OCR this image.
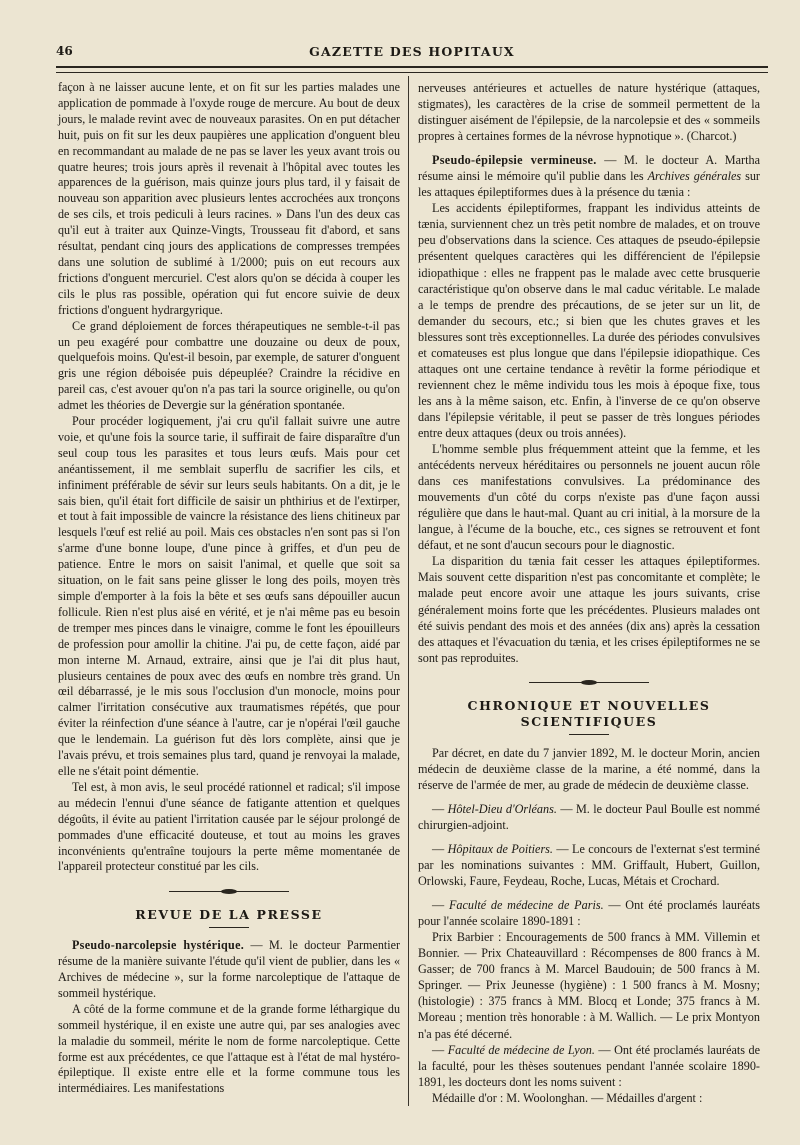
46	GAZETTE DES HOPITAUX

façon à ne laisser aucune lente, et on fit sur les parties malades une application de pommade à l'oxyde rouge de mercure. Au bout de deux jours, le malade revint avec de nouveaux parasites. On en put détacher huit, puis on fit sur les deux paupières une application d'onguent bleu en recommandant au malade de ne pas se laver les yeux avant trois ou quatre heures; trois jours après il revenait à l'hôpital avec toutes les apparences de la guérison, mais quinze jours plus tard, il y faisait de nouveau son apparition avec plusieurs lentes accrochées aux tronçons de ses cils, et trois pediculi à leurs racines. » Dans l'un des deux cas qu'il eut à traiter aux Quinze-Vingts, Trousseau fit d'abord, et sans résultat, pendant cinq jours des applications de compresses trempées dans une solution de sublimé à 1/2000; puis on eut recours aux frictions d'onguent mercuriel. C'est alors qu'on se décida à couper les cils le plus ras possible, opération qui fut encore suivie de deux frictions d'onguent hydrargyrique.

Ce grand déploiement de forces thérapeutiques ne semble-t-il pas un peu exagéré pour combattre une douzaine ou deux de poux, quelquefois moins. Qu'est-il besoin, par exemple, de saturer d'onguent gris une région déboisée puis dépeuplée? Craindre la récidive en pareil cas, c'est avouer qu'on n'a pas tari la source originelle, ou qu'on admet les théories de Devergie sur la génération spontanée.

Pour procéder logiquement, j'ai cru qu'il fallait suivre une autre voie, et qu'une fois la source tarie, il suffirait de faire disparaître d'un seul coup tous les parasites et tous leurs œufs. Mais pour cet anéantissement, il me semblait superflu de sacrifier les cils, et infiniment préférable de sévir sur leurs seuls habitants. On a dit, je le sais bien, qu'il était fort difficile de saisir un phthirius et de l'extirper, et tout à fait impossible de vaincre la résistance des liens chitineux par lesquels l'œuf est relié au poil. Mais ces obstacles n'en sont pas si l'on s'arme d'une bonne loupe, d'une pince à griffes, et d'un peu de patience. Entre le mors on saisit l'animal, et quelle que soit sa situation, on le fait sans peine glisser le long des poils, moyen très simple d'emporter à la fois la bête et ses œufs sans dépouiller aucun follicule. Rien n'est plus aisé en vérité, et je n'ai même pas eu besoin de tremper mes pinces dans le vinaigre, comme le font les épouilleurs de profession pour amollir la chitine. J'ai pu, de cette façon, aidé par mon interne M. Arnaud, extraire, ainsi que je l'ai dit plus haut, plusieurs centaines de poux avec des œufs en nombre très grand. Un œil débarrassé, je le mis sous l'occlusion d'un monocle, moins pour calmer l'irritation consécutive aux traumatismes répétés, que pour éviter la réinfection d'une séance à l'autre, car je n'opérai l'œil gauche que le lendemain. La guérison fut dès lors complète, ainsi que je l'avais prévu, et trois semaines plus tard, quand je renvoyai la malade, elle ne s'était point démentie.

Tel est, à mon avis, le seul procédé rationnel et radical; s'il impose au médecin l'ennui d'une séance de fatigante attention et quelques dégoûts, il évite au patient l'irritation causée par le séjour prolongé de pommades d'une efficacité douteuse, et tout au moins les graves inconvénients qu'entraîne toujours la perte même momentanée de l'appareil protecteur constitué par les cils.

REVUE DE LA PRESSE

Pseudo-narcolepsie hystérique. — M. le docteur Parmentier résume de la manière suivante l'étude qu'il vient de publier, dans les « Archives de médecine », sur la forme narcoleptique de l'attaque de sommeil hystérique.

A côté de la forme commune et de la grande forme léthargique du sommeil hystérique, il en existe une autre qui, par ses analogies avec la maladie du sommeil, mérite le nom de forme narcoleptique. Cette forme est aux précédentes, ce que l'attaque est à l'état de mal hystéro-épileptique. Il existe entre elle et la forme commune tous les intermédiaires. Les manifestations

nerveuses antérieures et actuelles de nature hystérique (attaques, stigmates), les caractères de la crise de sommeil permettent de la distinguer aisément de l'épilepsie, de la narcolepsie et des « sommeils propres à certaines formes de la névrose hypnotique ». (Charcot.)

Pseudo-épilepsie vermineuse. — M. le docteur A. Martha résume ainsi le mémoire qu'il publie dans les Archives générales sur les attaques épileptiformes dues à la présence du tænia :

Les accidents épileptiformes, frappant les individus atteints de tænia, surviennent chez un très petit nombre de malades, et on trouve peu d'observations dans la science. Ces attaques de pseudo-épilepsie présentent quelques caractères qui les différencient de l'épilepsie idiopathique : elles ne frappent pas le malade avec cette brusquerie caractéristique qu'on observe dans le mal caduc véritable. Le malade a le temps de prendre des précautions, de se jeter sur un lit, de demander du secours, etc.; si bien que les chutes graves et les blessures sont très exceptionnelles. La durée des périodes convulsives et comateuses est plus longue que dans l'épilepsie idiopathique. Ces attaques ont une certaine tendance à revêtir la forme périodique et reviennent chez le même individu tous les mois à époque fixe, tous les ans à la même saison, etc. Enfin, à l'inverse de ce qu'on observe dans l'épilepsie véritable, il peut se passer de très longues périodes entre deux attaques (deux ou trois années).

L'homme semble plus fréquemment atteint que la femme, et les antécédents nerveux héréditaires ou personnels ne jouent aucun rôle dans ces manifestations convulsives. La prédominance des mouvements d'un côté du corps n'existe pas d'une façon aussi régulière que dans le haut-mal. Quant au cri initial, à la morsure de la langue, à l'écume de la bouche, etc., ces signes se retrouvent et font défaut, et ne sont d'aucun secours pour le diagnostic.

La disparition du tænia fait cesser les attaques épileptiformes. Mais souvent cette disparition n'est pas concomitante et complète; le malade peut encore avoir une attaque les jours suivants, crise généralement moins forte que les précédentes. Plusieurs malades ont été suivis pendant des mois et des années (dix ans) après la cessation des attaques et l'évacuation du tænia, et les crises épileptiformes ne se sont pas reproduites.

CHRONIQUE ET NOUVELLES SCIENTIFIQUES

Par décret, en date du 7 janvier 1892, M. le docteur Morin, ancien médecin de deuxième classe de la marine, a été nommé, dans la réserve de l'armée de mer, au grade de médecin de deuxième classe.

— Hôtel-Dieu d'Orléans. — M. le docteur Paul Boulle est nommé chirurgien-adjoint.

— Hôpitaux de Poitiers. — Le concours de l'externat s'est terminé par les nominations suivantes : MM. Griffault, Hubert, Guillon, Orlowski, Faure, Feydeau, Roche, Lucas, Métais et Crochard.

— Faculté de médecine de Paris. — Ont été proclamés lauréats pour l'année scolaire 1890-1891 :

Prix Barbier : Encouragements de 500 francs à MM. Villemin et Bonnier. — Prix Chateauvillard : Récompenses de 800 francs à M. Gasser; de 700 francs à M. Marcel Baudouin; de 500 francs à M. Springer. — Prix Jeunesse (hygiène) : 1 500 francs à M. Mosny; (histologie) : 375 francs à MM. Blocq et Londe; 375 francs à M. Moreau ; mention très honorable : à M. Wallich. — Le prix Montyon n'a pas été décerné.

— Faculté de médecine de Lyon. — Ont été proclamés lauréats de la faculté, pour les thèses soutenues pendant l'année scolaire 1890-1891, les docteurs dont les noms suivent :

Médaille d'or : M. Woolonghan. — Médailles d'argent :
